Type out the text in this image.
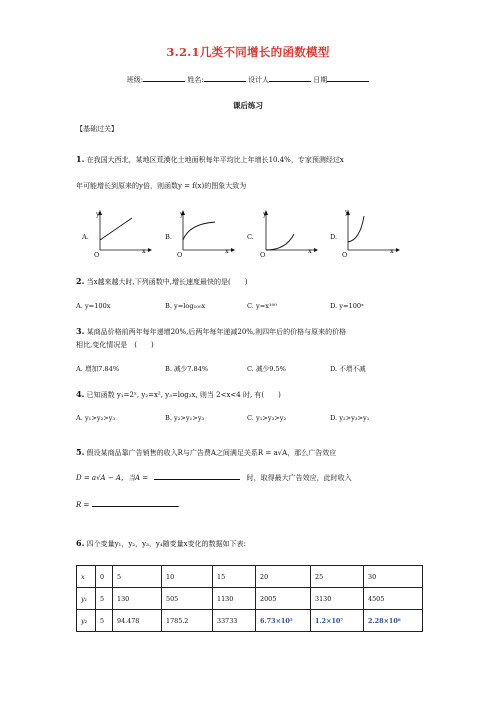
3.2.1几类不同增长的函数模型
班级:	姓名:	设计人	日期
课后练习
【基础过关】
1. 在我国大西北，某地区荒漠化土地面积每年平均比上年增长10.4%，专家预测经过x
年可能增长到原来的y倍，则函数y = f(x)的图象大致为
A.
y
O	x
B.
y
O	x
C.
y
O	x
D.
y
O	x
2. 当x越来越大时,下列函数中,增长速度最快的是(　　)
A. y=100x	B. y=log₁₀₀x	C. y=x¹⁰⁰	D. y=100ˣ
3. 某商品价格前两年每年递增20%,后两年每年递减20%,则四年后的价格与原来的价格
相比,变化情况是　(　　)
A. 增加7.84%	B. 减少7.84%	C. 减少9.5%	D. 不增不减
4. 已知函数 y₁=2ˣ, y₂=x², y₃=log₂x, 则当 2<x<4 时, 有(　　)
A. y₁>y₂>y₃	B. y₂>y₁>y₃	C. y₁>y₃>y₂	D. y₂>y₃>y₁
5. 假设某商品靠广告销售的收入R与广告费A之间满足关系R = a√A，那么广告效应
D = a√A − A，当A =	时，取得最大广告效应，此时收入
R =	.
6. 四个变量y₁，y₂，y₃，y₄随变量x变化的数据如下表:
x	0	5	10	15	20	25	30
y₁	5	130	505	1130	2005	3130	4505
y₂	5	94.478	1785.2	33733	6.73×10⁵	1.2×10⁷	2.28×10⁸
